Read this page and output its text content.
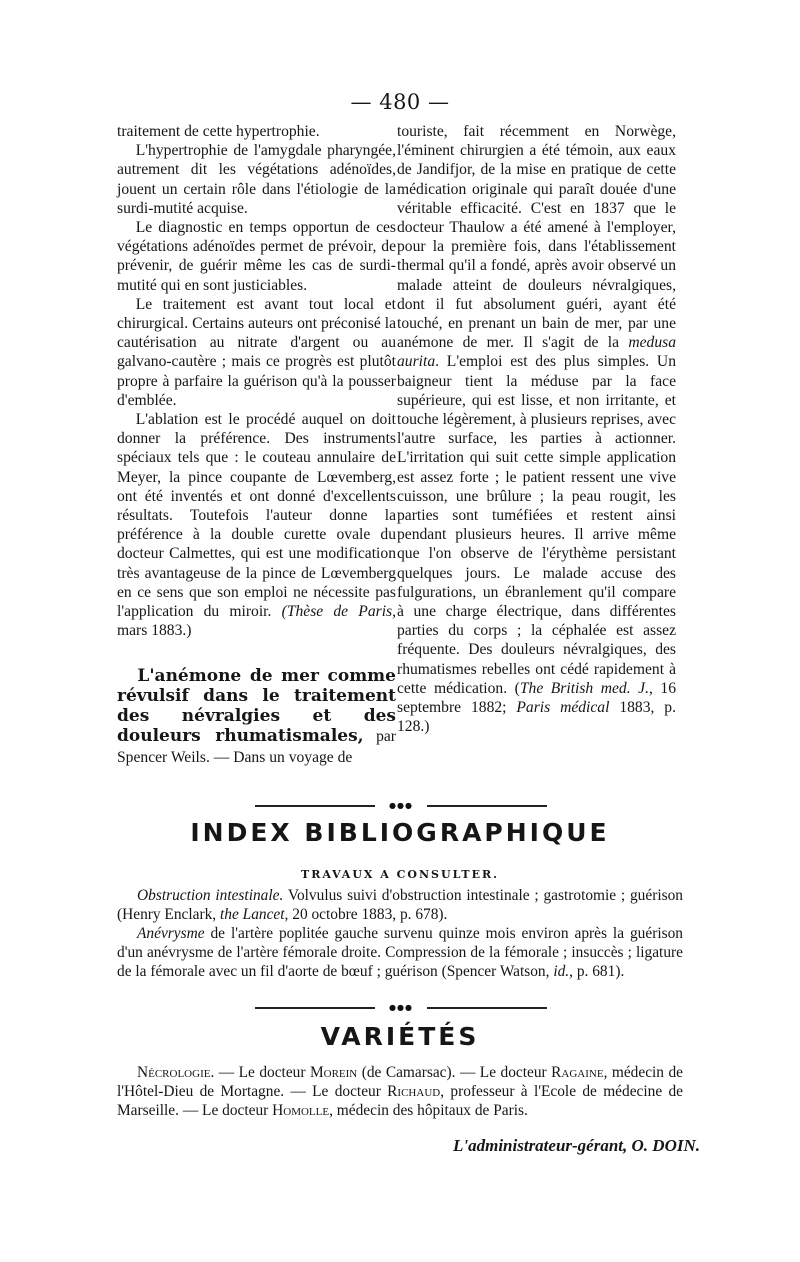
— 480 —

traitement de cette hypertrophie.

L'hypertrophie de l'amygdale pharyngée, autrement dit les végétations adénoïdes, jouent un certain rôle dans l'étiologie de la surdi-mutité acquise.

Le diagnostic en temps opportun de ces végétations adénoïdes permet de prévoir, de prévenir, de guérir même les cas de surdi-mutité qui en sont justiciables.

Le traitement est avant tout local et chirurgical. Certains auteurs ont préconisé la cautérisation au nitrate d'argent ou au galvano-cautère ; mais ce progrès est plutôt propre à parfaire la guérison qu'à la pousser d'emblée.

L'ablation est le procédé auquel on doit donner la préférence. Des instruments spéciaux tels que : le couteau annulaire de Meyer, la pince coupante de Lœvemberg, ont été inventés et ont donné d'excellents résultats. Toutefois l'auteur donne la préférence à la double curette ovale du docteur Calmettes, qui est une modification très avantageuse de la pince de Lœvemberg en ce sens que son emploi ne nécessite pas l'application du miroir. (Thèse de Paris, mars 1883.)

L'anémone de mer comme révulsif dans le traitement des névralgies et des douleurs rhumatismales, par Spencer Weils. — Dans un voyage de

touriste, fait récemment en Norwège, l'éminent chirurgien a été témoin, aux eaux de Jandifjor, de la mise en pratique de cette médication originale qui paraît douée d'une véritable efficacité. C'est en 1837 que le docteur Thaulow a été amené à l'employer, pour la première fois, dans l'établissement thermal qu'il a fondé, après avoir observé un malade atteint de douleurs névralgiques, dont il fut absolument guéri, ayant été touché, en prenant un bain de mer, par une anémone de mer. Il s'agit de la medusa aurita. L'emploi est des plus simples. Un baigneur tient la méduse par la face supérieure, qui est lisse, et non irritante, et touche légèrement, à plusieurs reprises, avec l'autre surface, les parties à actionner. L'irritation qui suit cette simple application est assez forte ; le patient ressent une vive cuisson, une brûlure ; la peau rougit, les parties sont tuméfiées et restent ainsi pendant plusieurs heures. Il arrive même que l'on observe de l'érythème persistant quelques jours. Le malade accuse des fulgurations, un ébranlement qu'il compare à une charge électrique, dans différentes parties du corps ; la céphalée est assez fréquente. Des douleurs névralgiques, des rhumatismes rebelles ont cédé rapidement à cette médication. (The British med. J., 16 septembre 1882; Paris médical 1883, p. 128.)

●●●
INDEX BIBLIOGRAPHIQUE
TRAVAUX A CONSULTER.

Obstruction intestinale. Volvulus suivi d'obstruction intestinale ; gastrotomie ; guérison (Henry Enclark, the Lancet, 20 octobre 1883, p. 678).

Anévrysme de l'artère poplitée gauche survenu quinze mois environ après la guérison d'un anévrysme de l'artère fémorale droite. Compression de la fémorale ; insuccès ; ligature de la fémorale avec un fil d'aorte de bœuf ; guérison (Spencer Watson, id., p. 681).

●●●
VARIÉTÉS

Nécrologie. — Le docteur Morein (de Camarsac). — Le docteur Ragaine, médecin de l'Hôtel-Dieu de Mortagne. — Le docteur Richaud, professeur à l'Ecole de médecine de Marseille. — Le docteur Homolle, médecin des hôpitaux de Paris.

L'administrateur-gérant, O. DOIN.
